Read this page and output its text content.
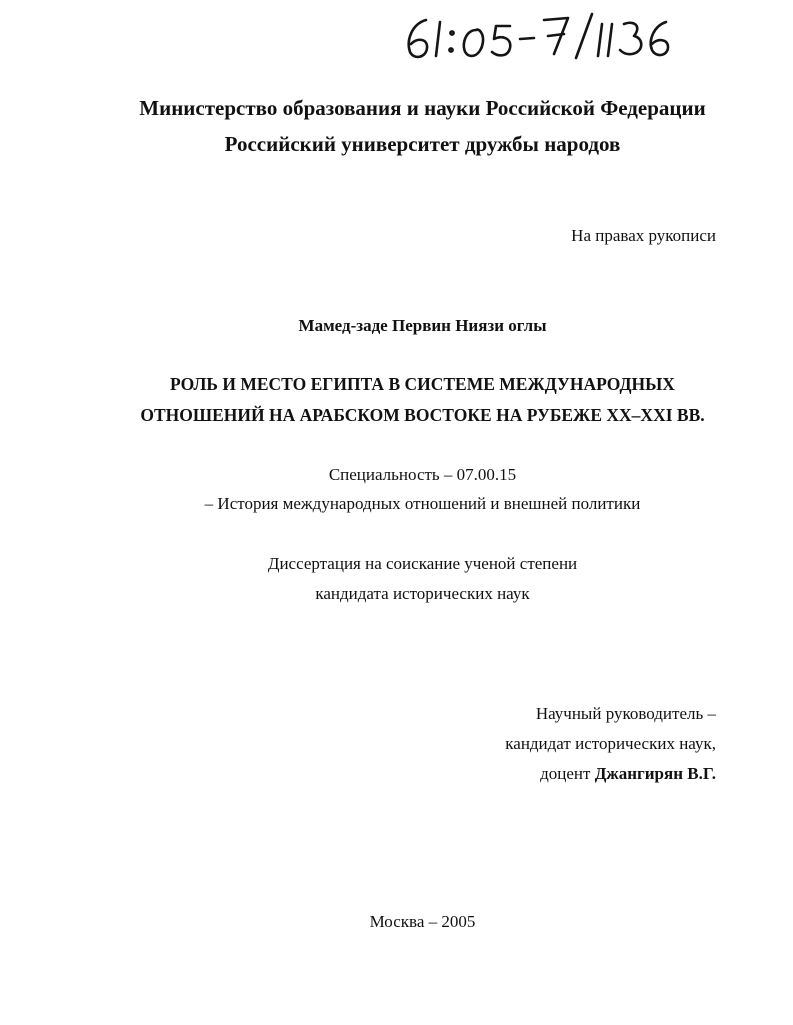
Министерство образования и науки Российской Федерации
Российский университет дружбы народов
На правах рукописи
Мамед-заде Первин Ниязи оглы
РОЛЬ И МЕСТО ЕГИПТА В СИСТЕМЕ МЕЖДУНАРОДНЫХ
ОТНОШЕНИЙ НА АРАБСКОМ ВОСТОКЕ НА РУБЕЖЕ XX–XXI ВВ.
Специальность – 07.00.15
– История международных отношений и внешней политики
Диссертация на соискание ученой степени
кандидата исторических наук
Научный руководитель –
кандидат исторических наук,
доцент Джангирян В.Г.
Москва – 2005
